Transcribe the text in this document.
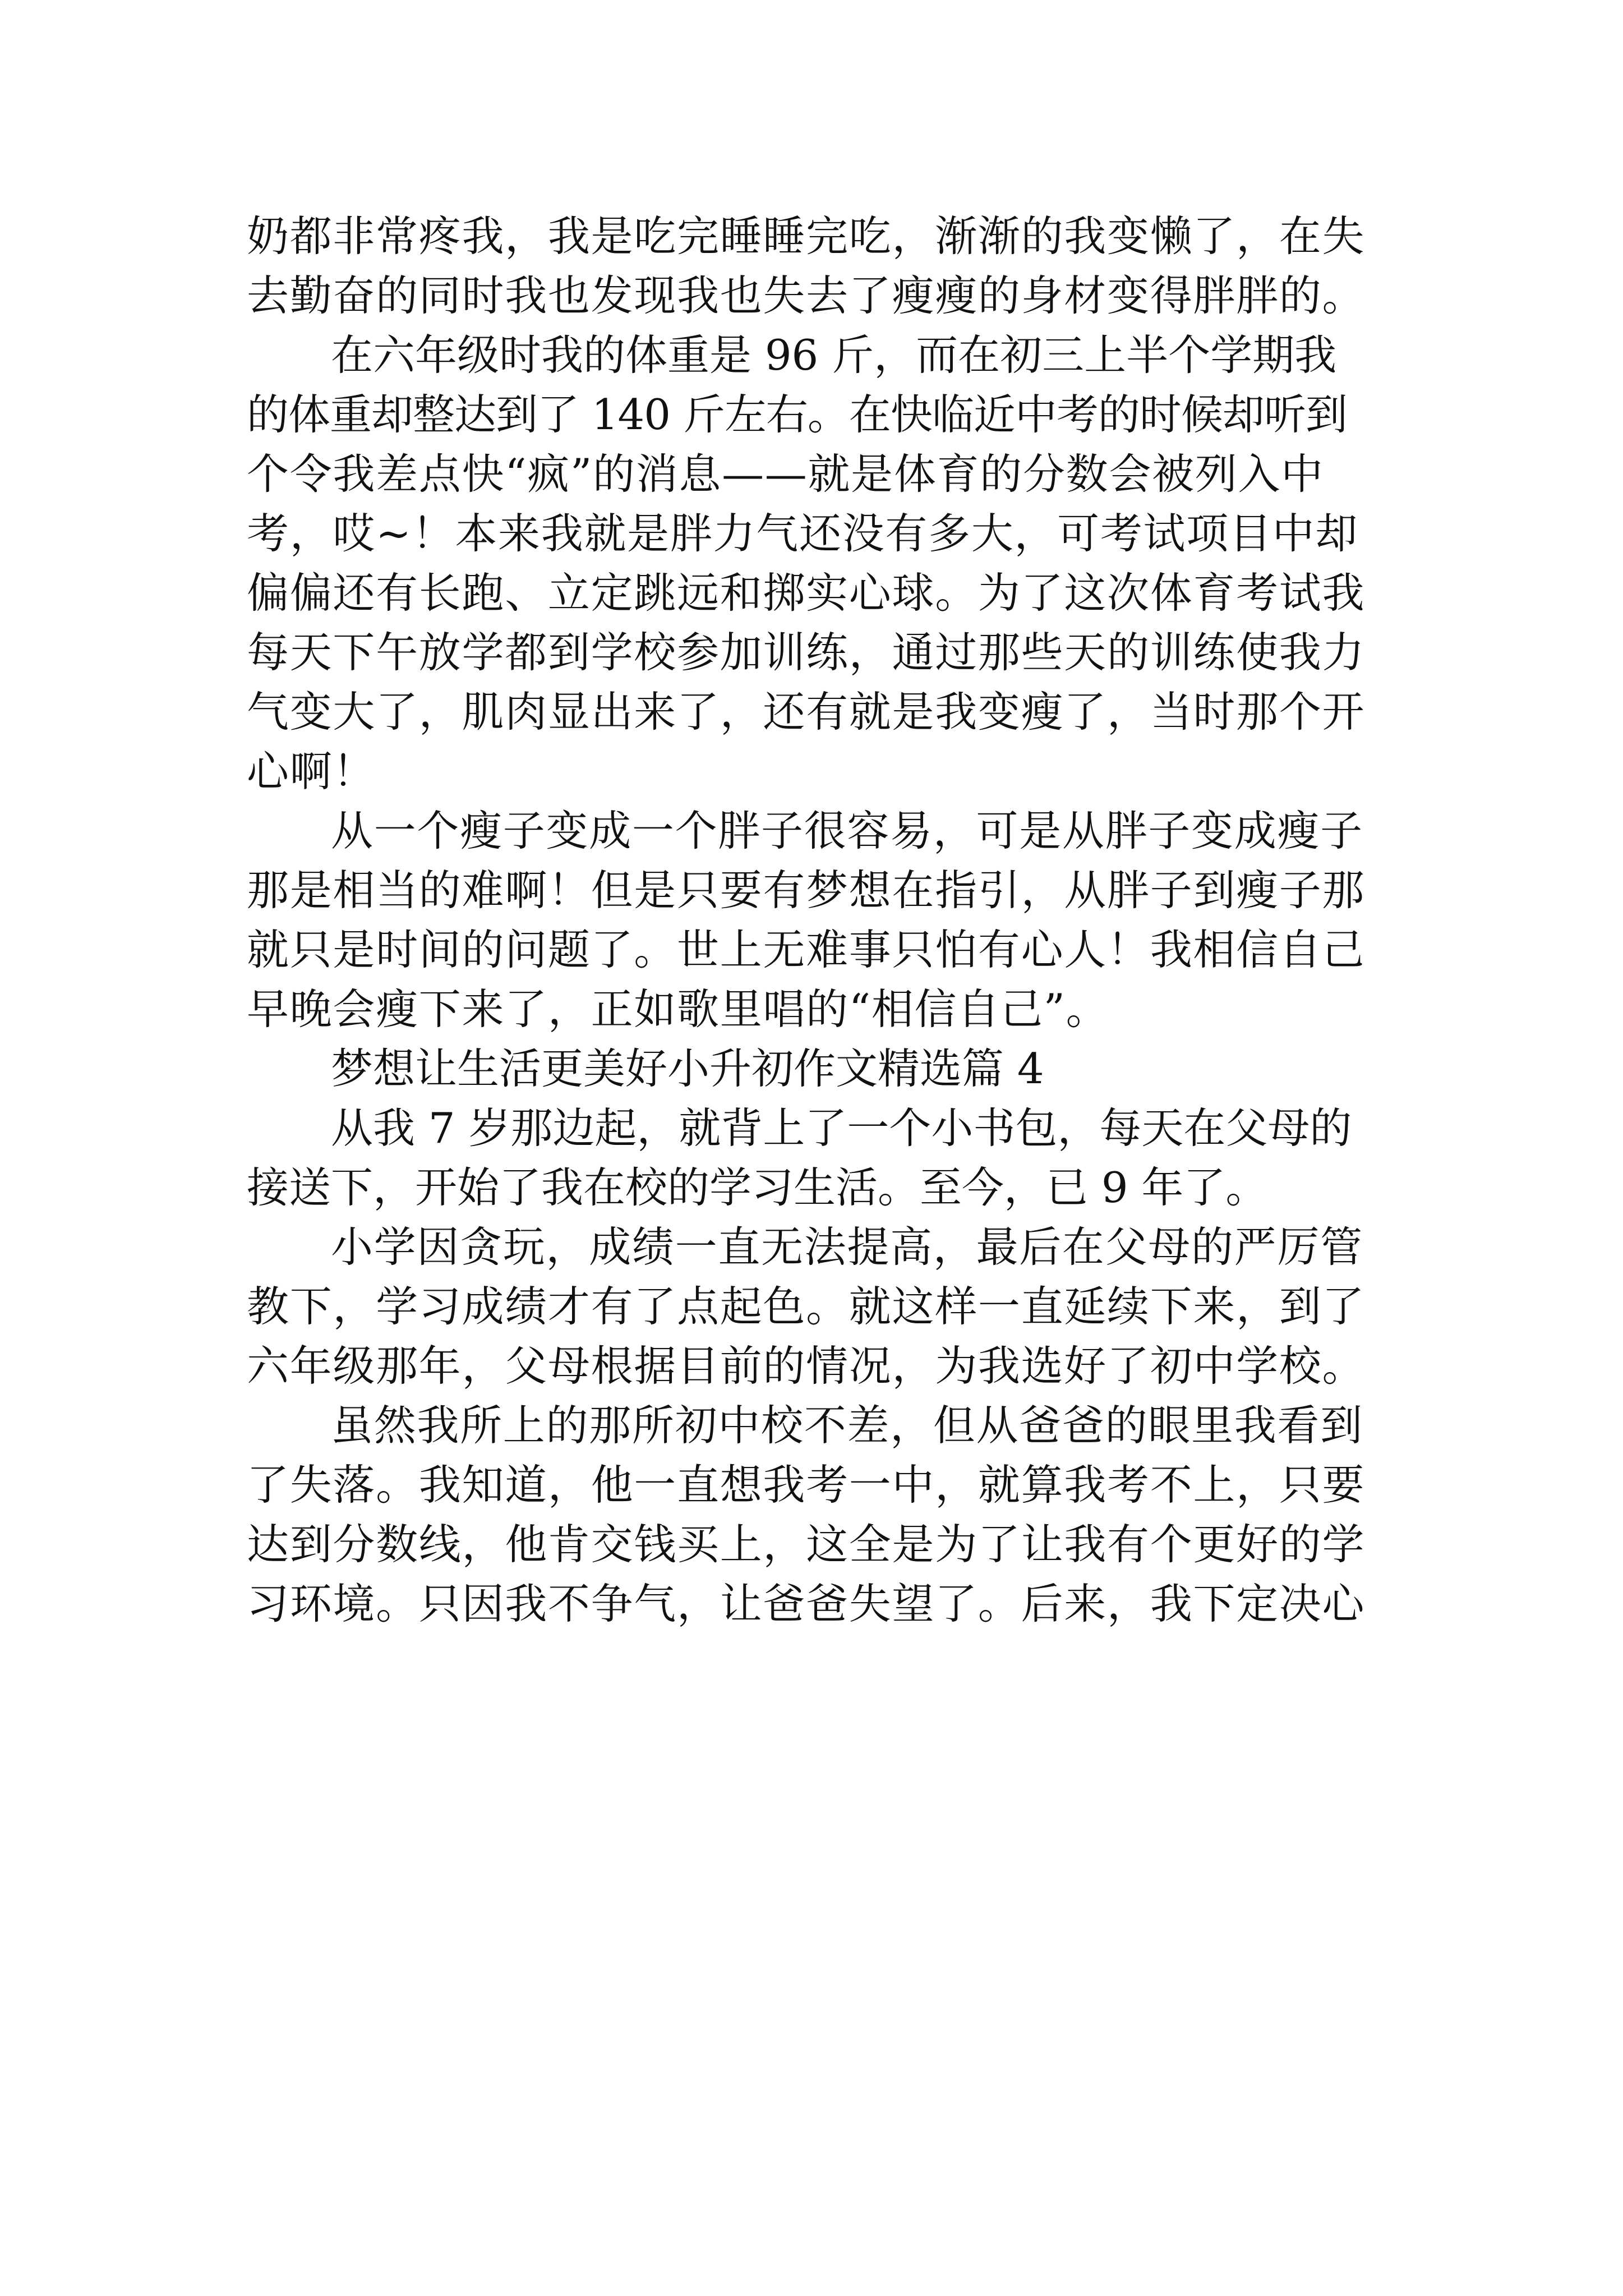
奶都非常疼我，我是吃完睡睡完吃，渐渐的我变懒了，在失

去勤奋的同时我也发现我也失去了瘦瘦的身材变得胖胖的。

在六年级时我的体重是 96 斤，而在初三上半个学期我

的体重却整达到了 140 斤左右。在快临近中考的时候却听到

个令我差点快“疯”的消息——就是体育的分数会被列入中

考，哎~！本来我就是胖力气还没有多大，可考试项目中却

偏偏还有长跑、立定跳远和掷实心球。为了这次体育考试我

每天下午放学都到学校参加训练，通过那些天的训练使我力

气变大了，肌肉显出来了，还有就是我变瘦了，当时那个开

心啊！

从一个瘦子变成一个胖子很容易，可是从胖子变成瘦子

那是相当的难啊！但是只要有梦想在指引，从胖子到瘦子那

就只是时间的问题了。世上无难事只怕有心人！我相信自己

早晚会瘦下来了，正如歌里唱的“相信自己”。

梦想让生活更美好小升初作文精选篇 4

从我 7 岁那边起，就背上了一个小书包，每天在父母的

接送下，开始了我在校的学习生活。至今，已 9 年了。

小学因贪玩，成绩一直无法提高，最后在父母的严厉管

教下，学习成绩才有了点起色。就这样一直延续下来，到了

六年级那年，父母根据目前的情况，为我选好了初中学校。

虽然我所上的那所初中校不差，但从爸爸的眼里我看到

了失落。我知道，他一直想我考一中，就算我考不上，只要

达到分数线，他肯交钱买上，这全是为了让我有个更好的学

习环境。只因我不争气，让爸爸失望了。后来，我下定决心
